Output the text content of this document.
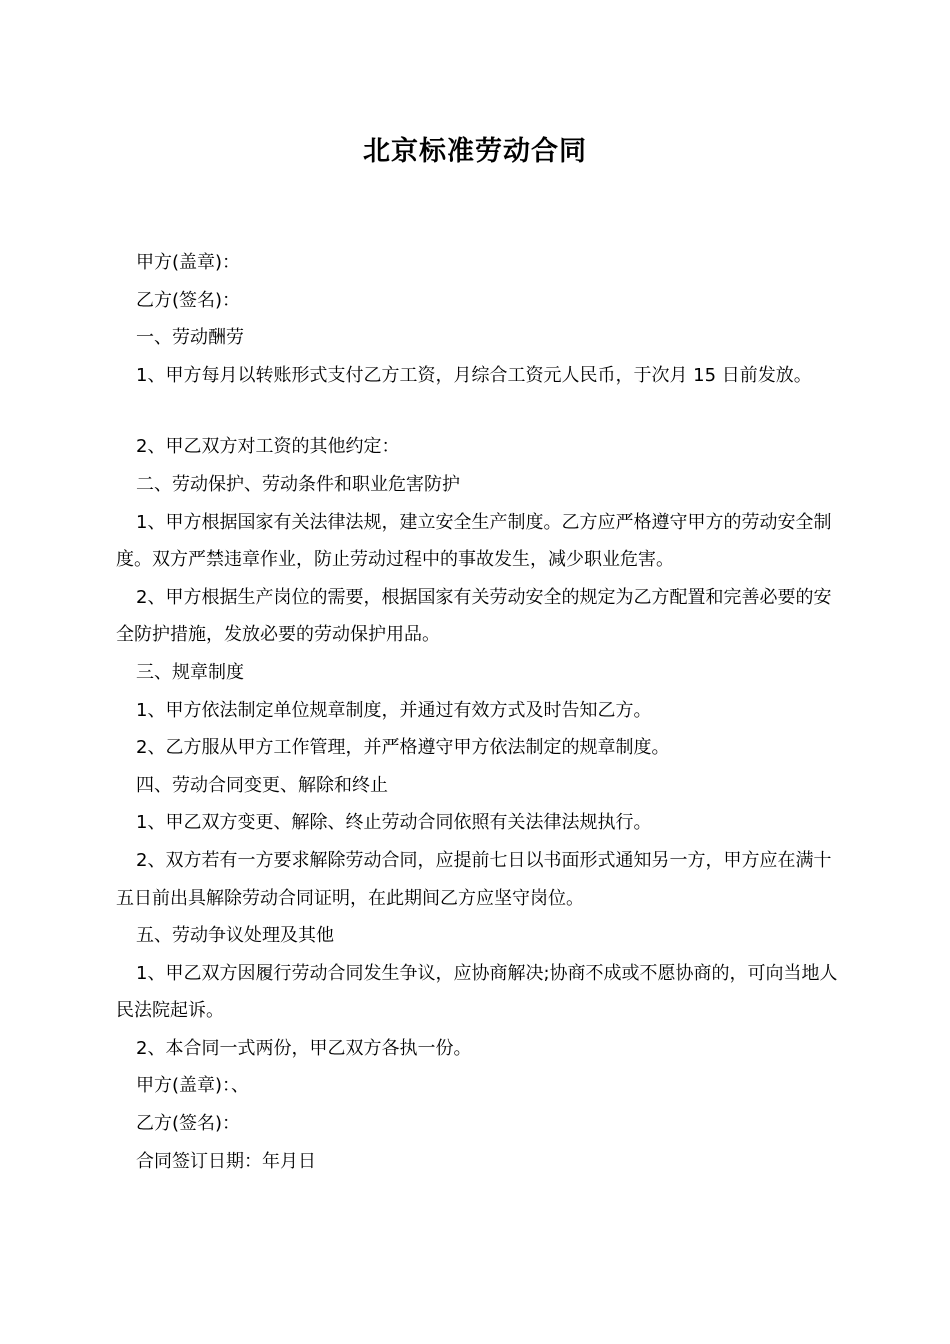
北京标准劳动合同

甲方(盖章)：

乙方(签名)：

一、劳动酬劳

1、甲方每月以转账形式支付乙方工资，月综合工资元人民币，于次月 15 日前发放。

2、甲乙双方对工资的其他约定：

二、劳动保护、劳动条件和职业危害防护

1、甲方根据国家有关法律法规，建立安全生产制度。乙方应严格遵守甲方的劳动安全制度。双方严禁违章作业，防止劳动过程中的事故发生，减少职业危害。

2、甲方根据生产岗位的需要，根据国家有关劳动安全的规定为乙方配置和完善必要的安全防护措施，发放必要的劳动保护用品。

三、规章制度

1、甲方依法制定单位规章制度，并通过有效方式及时告知乙方。

2、乙方服从甲方工作管理，并严格遵守甲方依法制定的规章制度。

四、劳动合同变更、解除和终止

1、甲乙双方变更、解除、终止劳动合同依照有关法律法规执行。

2、双方若有一方要求解除劳动合同，应提前七日以书面形式通知另一方，甲方应在满十五日前出具解除劳动合同证明，在此期间乙方应坚守岗位。

五、劳动争议处理及其他

1、甲乙双方因履行劳动合同发生争议，应协商解决;协商不成或不愿协商的，可向当地人民法院起诉。

2、本合同一式两份，甲乙双方各执一份。

甲方(盖章)：、

乙方(签名)：

合同签订日期：年月日
